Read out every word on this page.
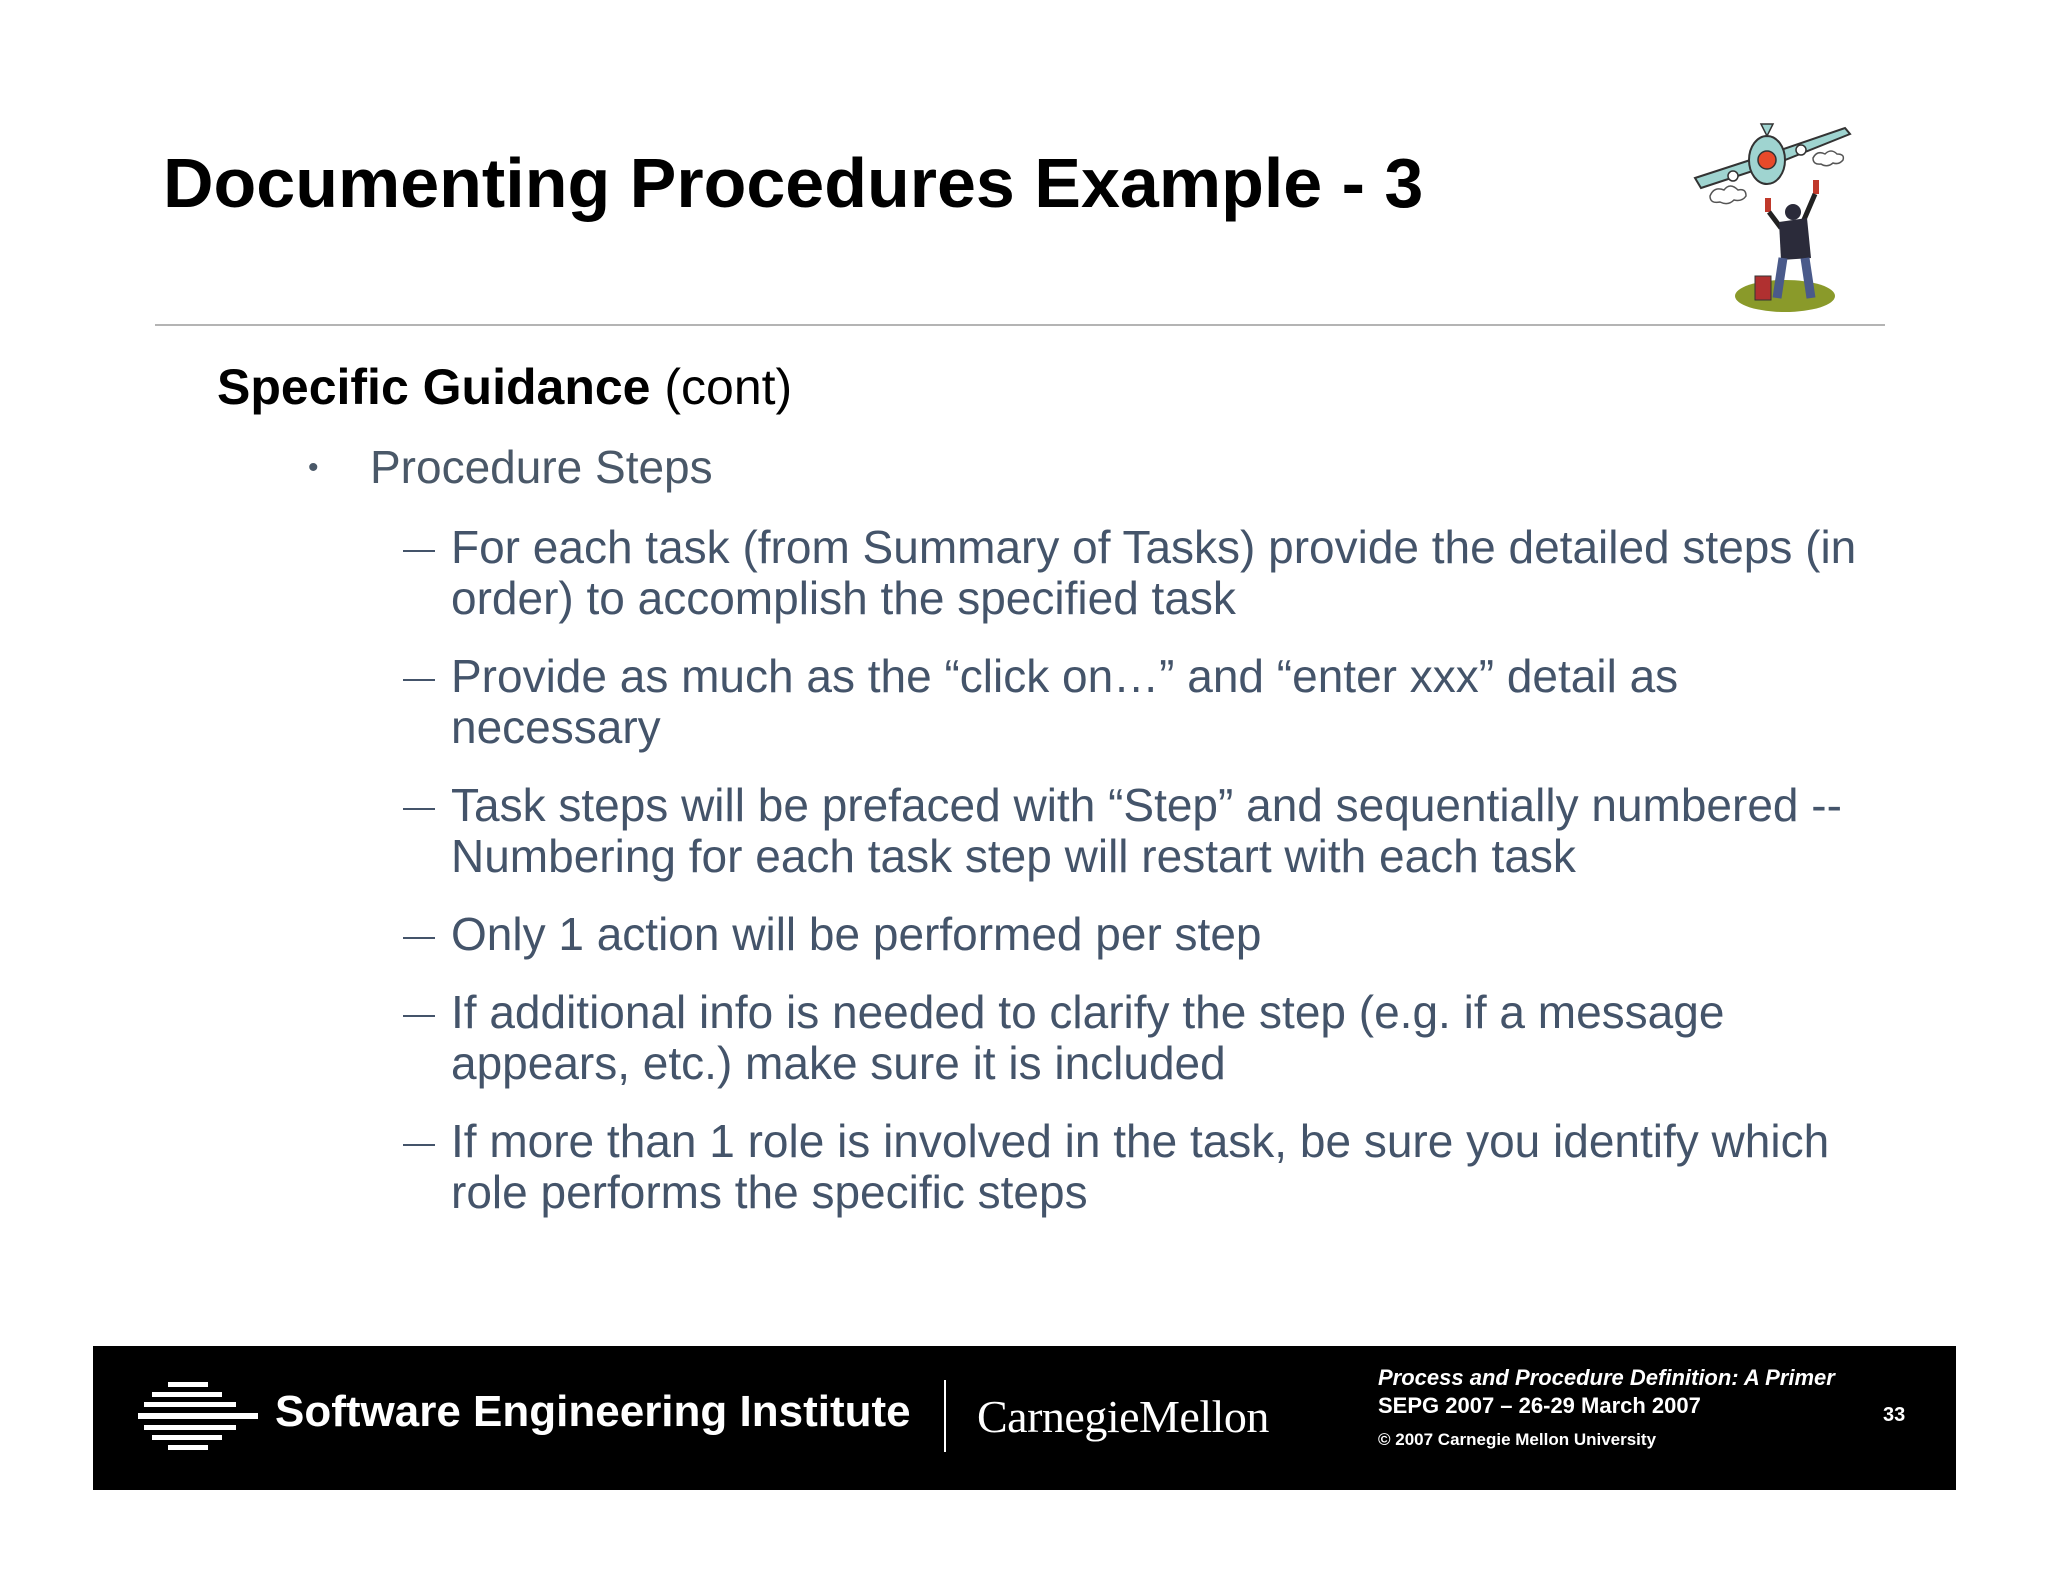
Documenting Procedures Example - 3
Specific Guidance (cont)
• Procedure Steps
For each task (from Summary of Tasks) provide the detailed steps (in order) to accomplish the specified task
Provide as much as the “click on…” and “enter xxx” detail as necessary
Task steps will be prefaced with “Step” and sequentially numbered -- Numbering for each task step will restart with each task
Only 1 action will be performed per step
If additional info is needed to clarify the step (e.g. if a message appears, etc.) make sure it is included
If more than 1 role is involved in the task, be sure you identify which role performs the specific steps
Software Engineering Institute CarnegieMellon
Process and Procedure Definition: A Primer
SEPG 2007 – 26-29 March 2007
© 2007 Carnegie Mellon University
33
